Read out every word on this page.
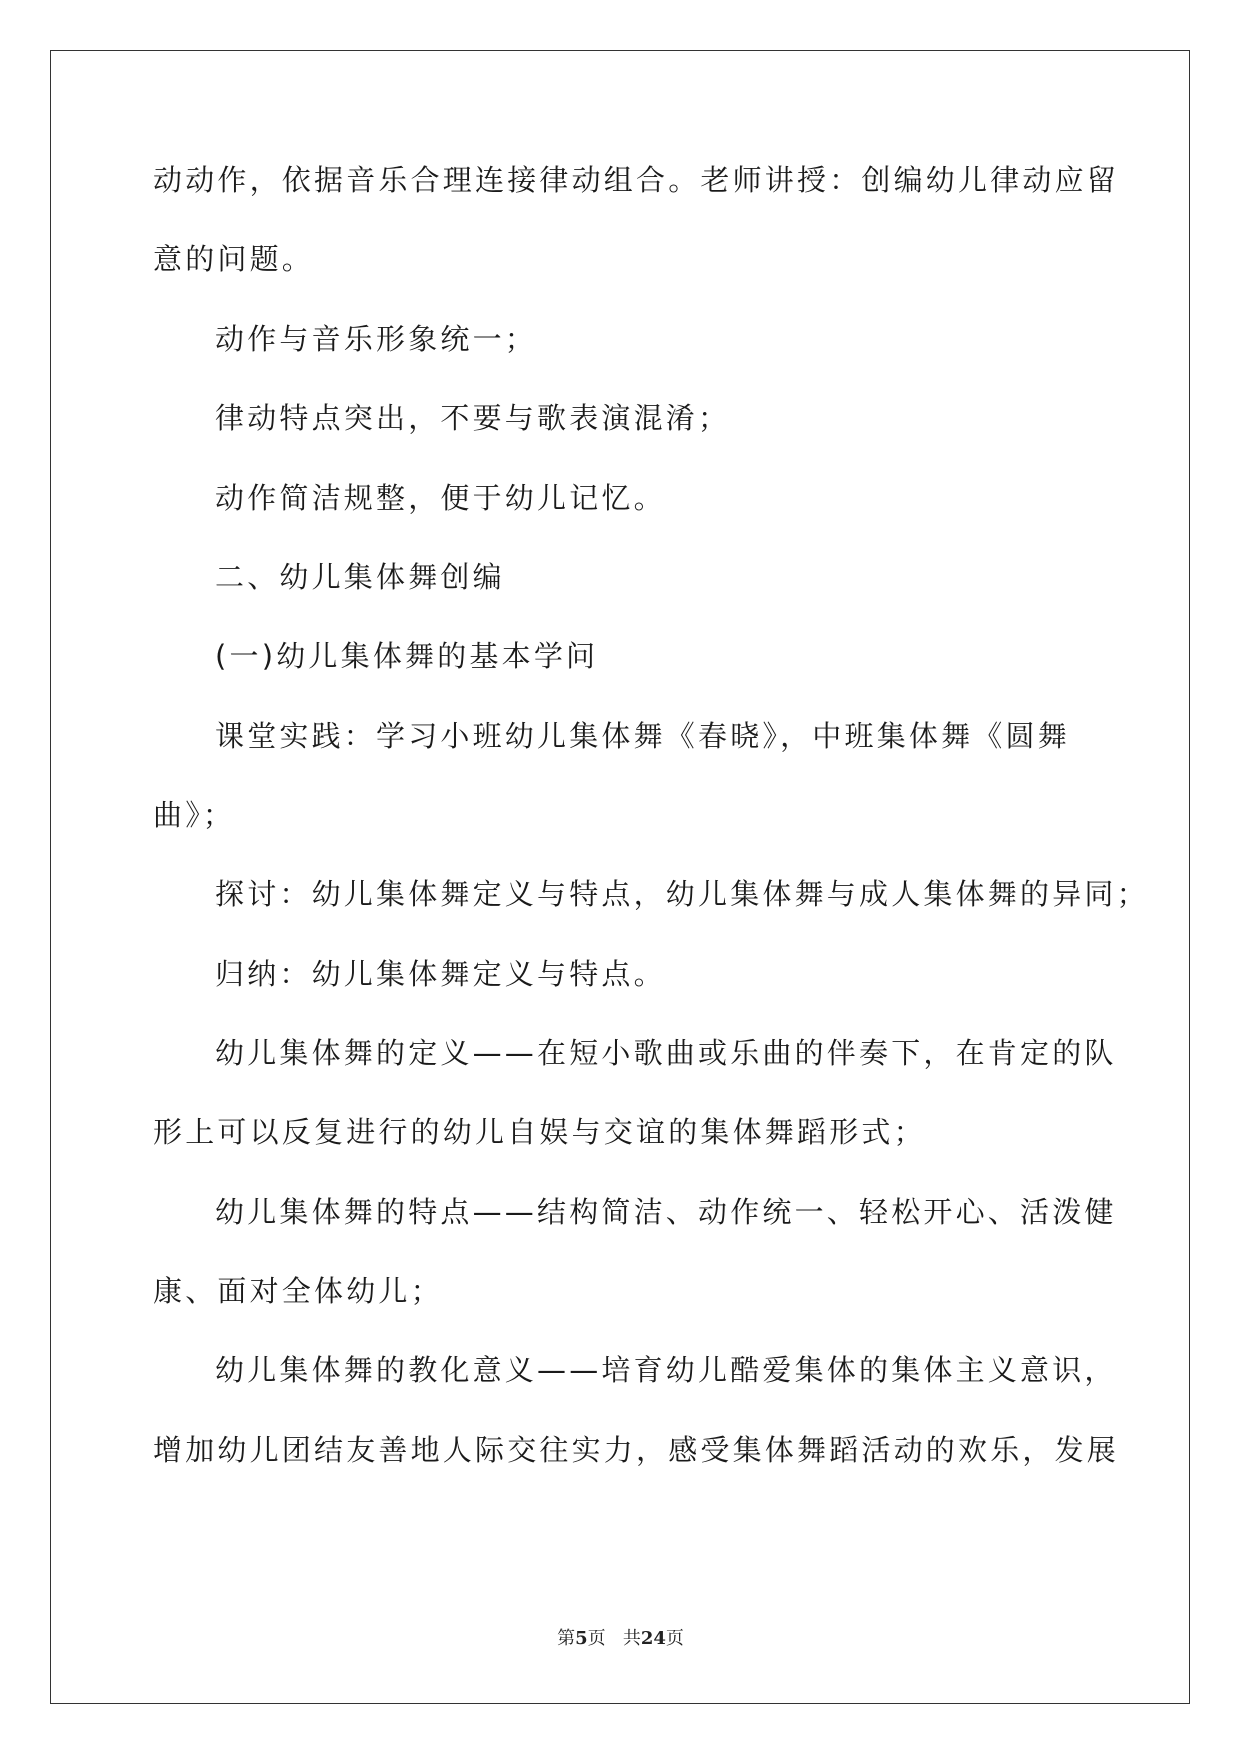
动动作，依据音乐合理连接律动组合。老师讲授：创编幼儿律动应留
意的问题。
动作与音乐形象统一；
律动特点突出，不要与歌表演混淆；
动作简洁规整，便于幼儿记忆。
二、幼儿集体舞创编
(一)幼儿集体舞的基本学问
课堂实践：学习小班幼儿集体舞《春晓》，中班集体舞《圆舞
曲》；
探讨：幼儿集体舞定义与特点，幼儿集体舞与成人集体舞的异同；
归纳：幼儿集体舞定义与特点。
幼儿集体舞的定义——在短小歌曲或乐曲的伴奏下，在肯定的队
形上可以反复进行的幼儿自娱与交谊的集体舞蹈形式；
幼儿集体舞的特点——结构简洁、动作统一、轻松开心、活泼健
康、面对全体幼儿；
幼儿集体舞的教化意义——培育幼儿酷爱集体的集体主义意识，
增加幼儿团结友善地人际交往实力，感受集体舞蹈活动的欢乐，发展
第5页 共24页
